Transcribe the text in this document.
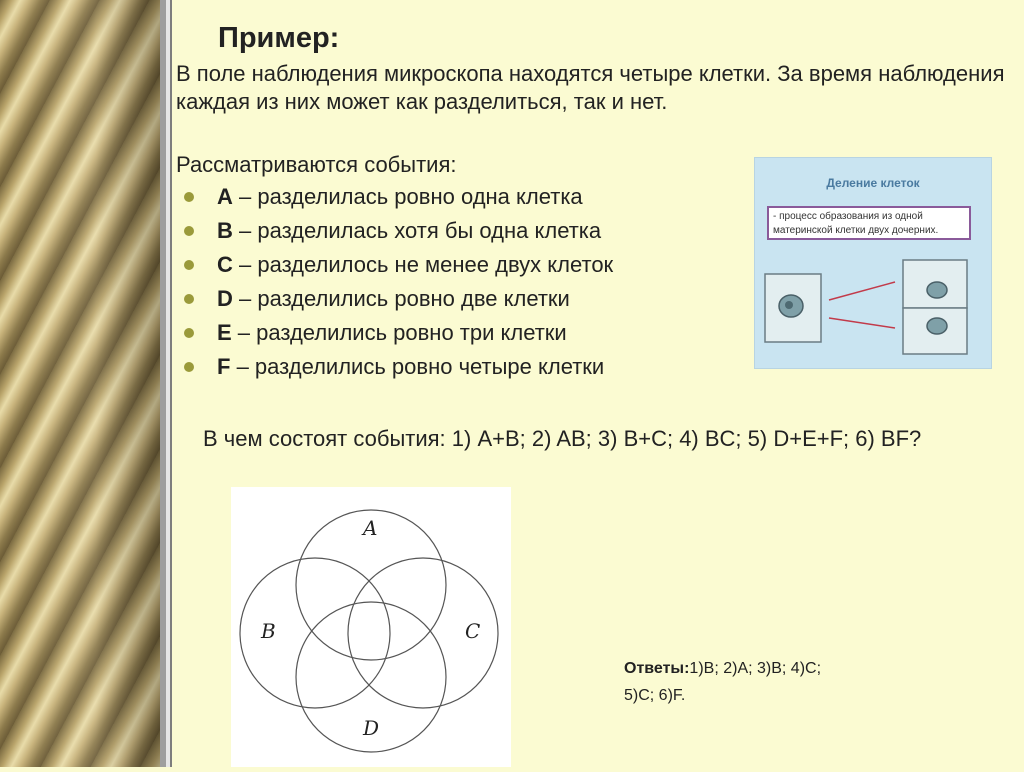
Пример:
В поле наблюдения микроскопа находятся четыре клетки. За время наблюдения каждая из них может как разделиться, так и нет.
Рассматриваются события:
A – разделилась ровно одна клетка
B – разделилась хотя бы одна клетка
C – разделилось не менее двух клеток
D – разделились ровно две клетки
E – разделились ровно три клетки
F – разделились ровно четыре клетки
Деление клеток
- процесс образования из одной материнской клетки двух дочерних.
В чем состоят события: 1) A+B; 2) AB; 3) B+C; 4) BC; 5) D+E+F; 6) BF?
A
B	C
D
Ответы:1)B; 2)A; 3)B; 4)C;
5)C; 6)F.
